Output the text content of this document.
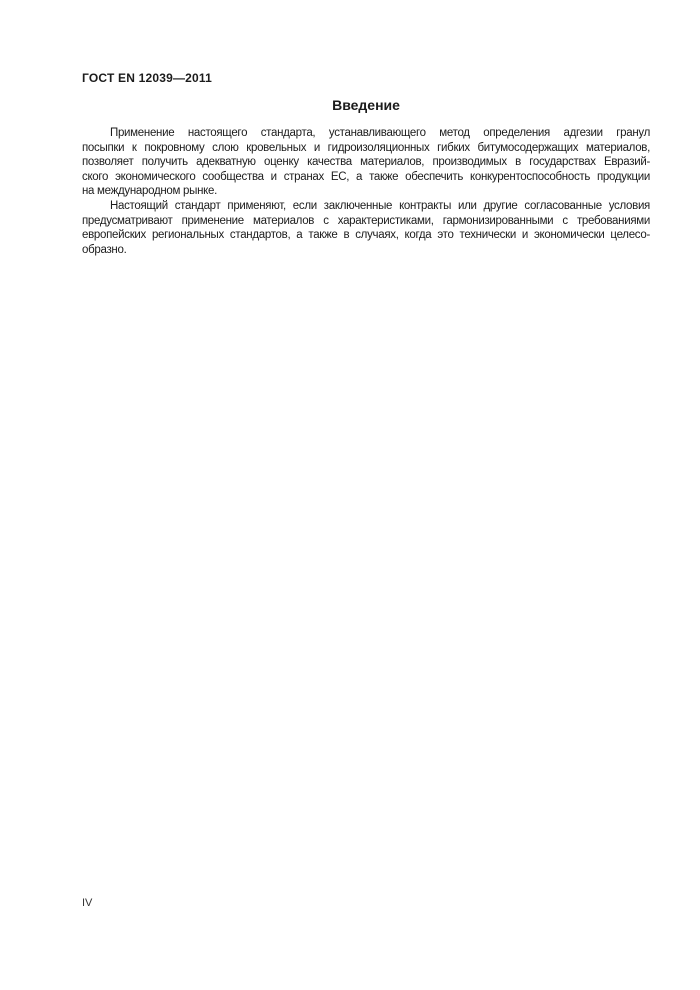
ГОСТ EN 12039—2011
Введение
Применение настоящего стандарта, устанавливающего метод определения адгезии гранул
посыпки к покровному слою кровельных и гидроизоляционных гибких битумосодержащих материалов,
позволяет получить адекватную оценку качества материалов, производимых в государствах Евразий-
ского экономического сообщества и странах ЕС, а также обеспечить конкурентоспособность продукции
на международном рынке.
Настоящий стандарт применяют, если заключенные контракты или другие согласованные условия
предусматривают применение материалов с характеристиками, гармонизированными с требованиями
европейских региональных стандартов, а также в случаях, когда это технически и экономически целесо-
образно.
IV
